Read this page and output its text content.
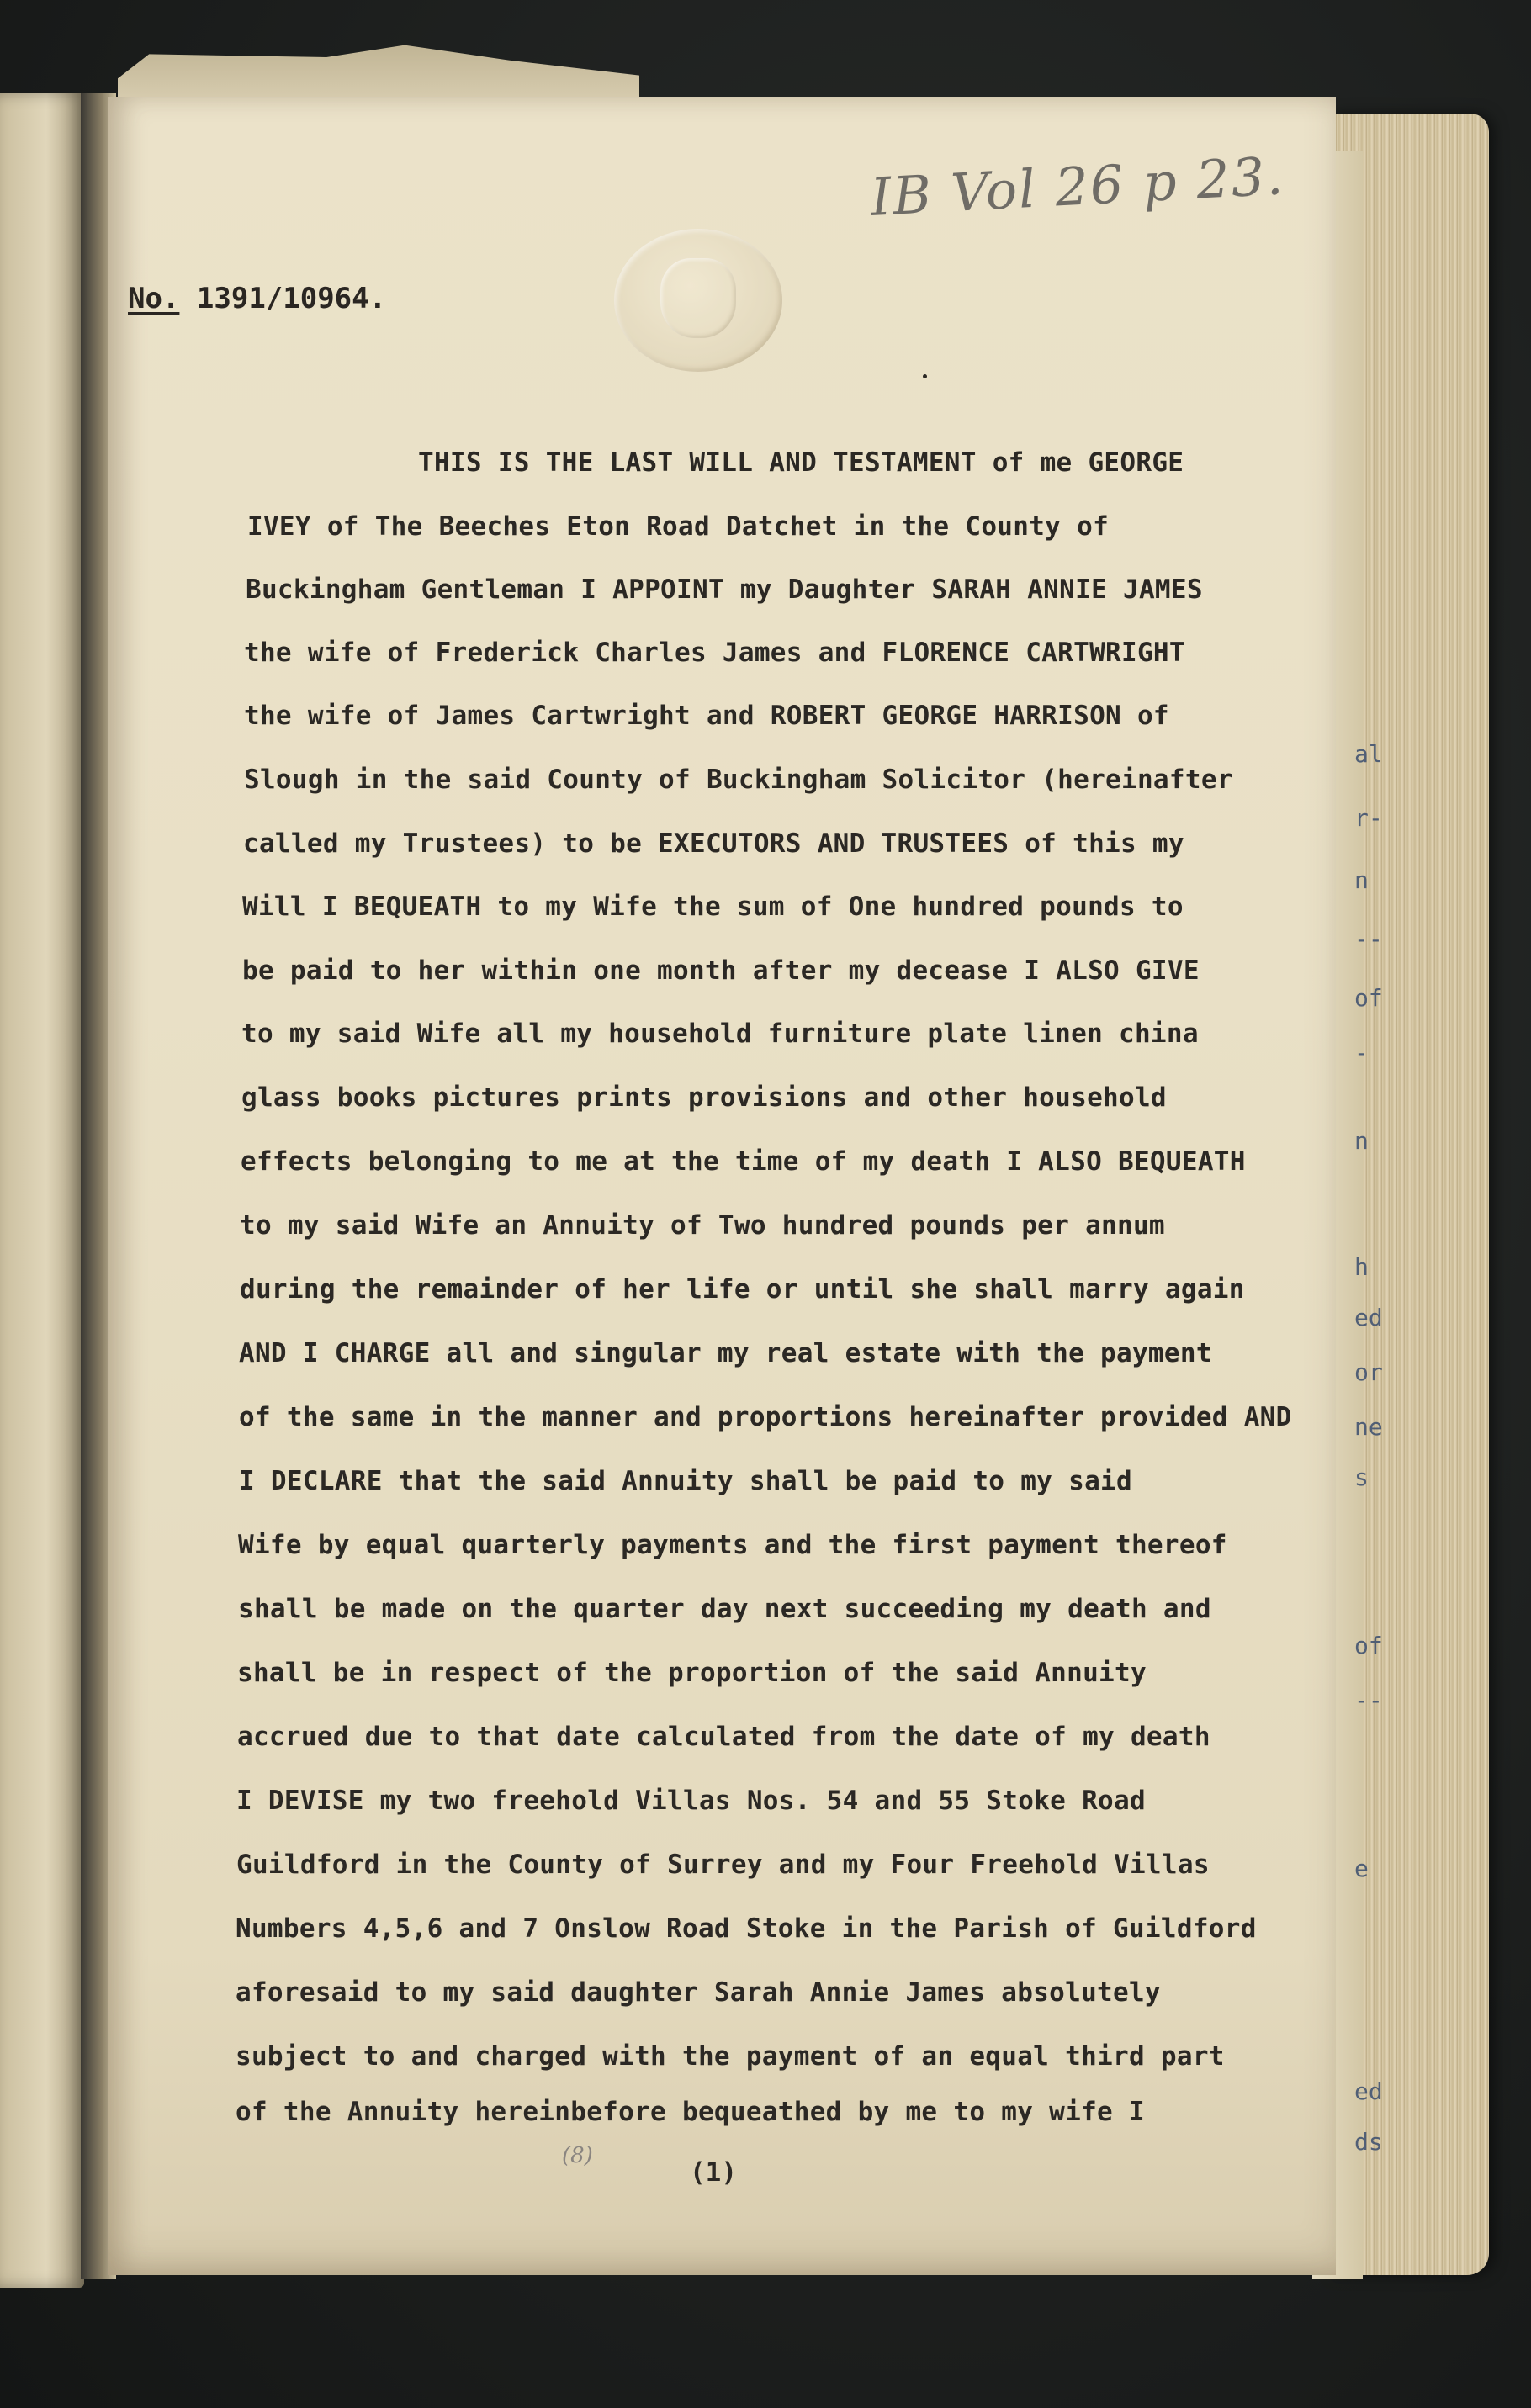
al
r-
n
--
of
-
n
h
ed
or
ne
s
of
--
e
ed
ds
IB Vol 26 p 23.
No. 1391/10964.
THIS IS THE LAST WILL AND TESTAMENT of me GEORGE
IVEY of The Beeches Eton Road Datchet in the County of
Buckingham Gentleman I APPOINT my Daughter SARAH ANNIE JAMES
the wife of Frederick Charles James and FLORENCE CARTWRIGHT
the wife of James Cartwright and ROBERT GEORGE HARRISON of
Slough in the said County of Buckingham Solicitor (hereinafter
called my Trustees) to be EXECUTORS AND TRUSTEES of this my
Will I BEQUEATH to my Wife the sum of One hundred pounds to
be paid to her within one month after my decease I ALSO GIVE
to my said Wife all my household furniture plate linen china
glass books pictures prints provisions and other household
effects belonging to me at the time of my death I ALSO BEQUEATH
to my said Wife an Annuity of Two hundred pounds per annum
during the remainder of her life or until she shall marry again
AND I CHARGE all and singular my real estate with the payment
of the same in the manner and proportions hereinafter provided AND
I DECLARE that the said Annuity shall be paid to my said
Wife by equal quarterly payments and the first payment thereof
shall be made on the quarter day next succeeding my death and
shall be in respect of the proportion of the said Annuity
accrued due to that date calculated from the date of my death
I DEVISE my two freehold Villas Nos. 54 and 55 Stoke Road
Guildford in the County of Surrey and my Four Freehold Villas
Numbers 4,5,6 and 7 Onslow Road Stoke in the Parish of Guildford
aforesaid to my said daughter Sarah Annie James absolutely
subject to and charged with the payment of an equal third part
of the Annuity hereinbefore bequeathed by me to my wife I
(8)
(1)
